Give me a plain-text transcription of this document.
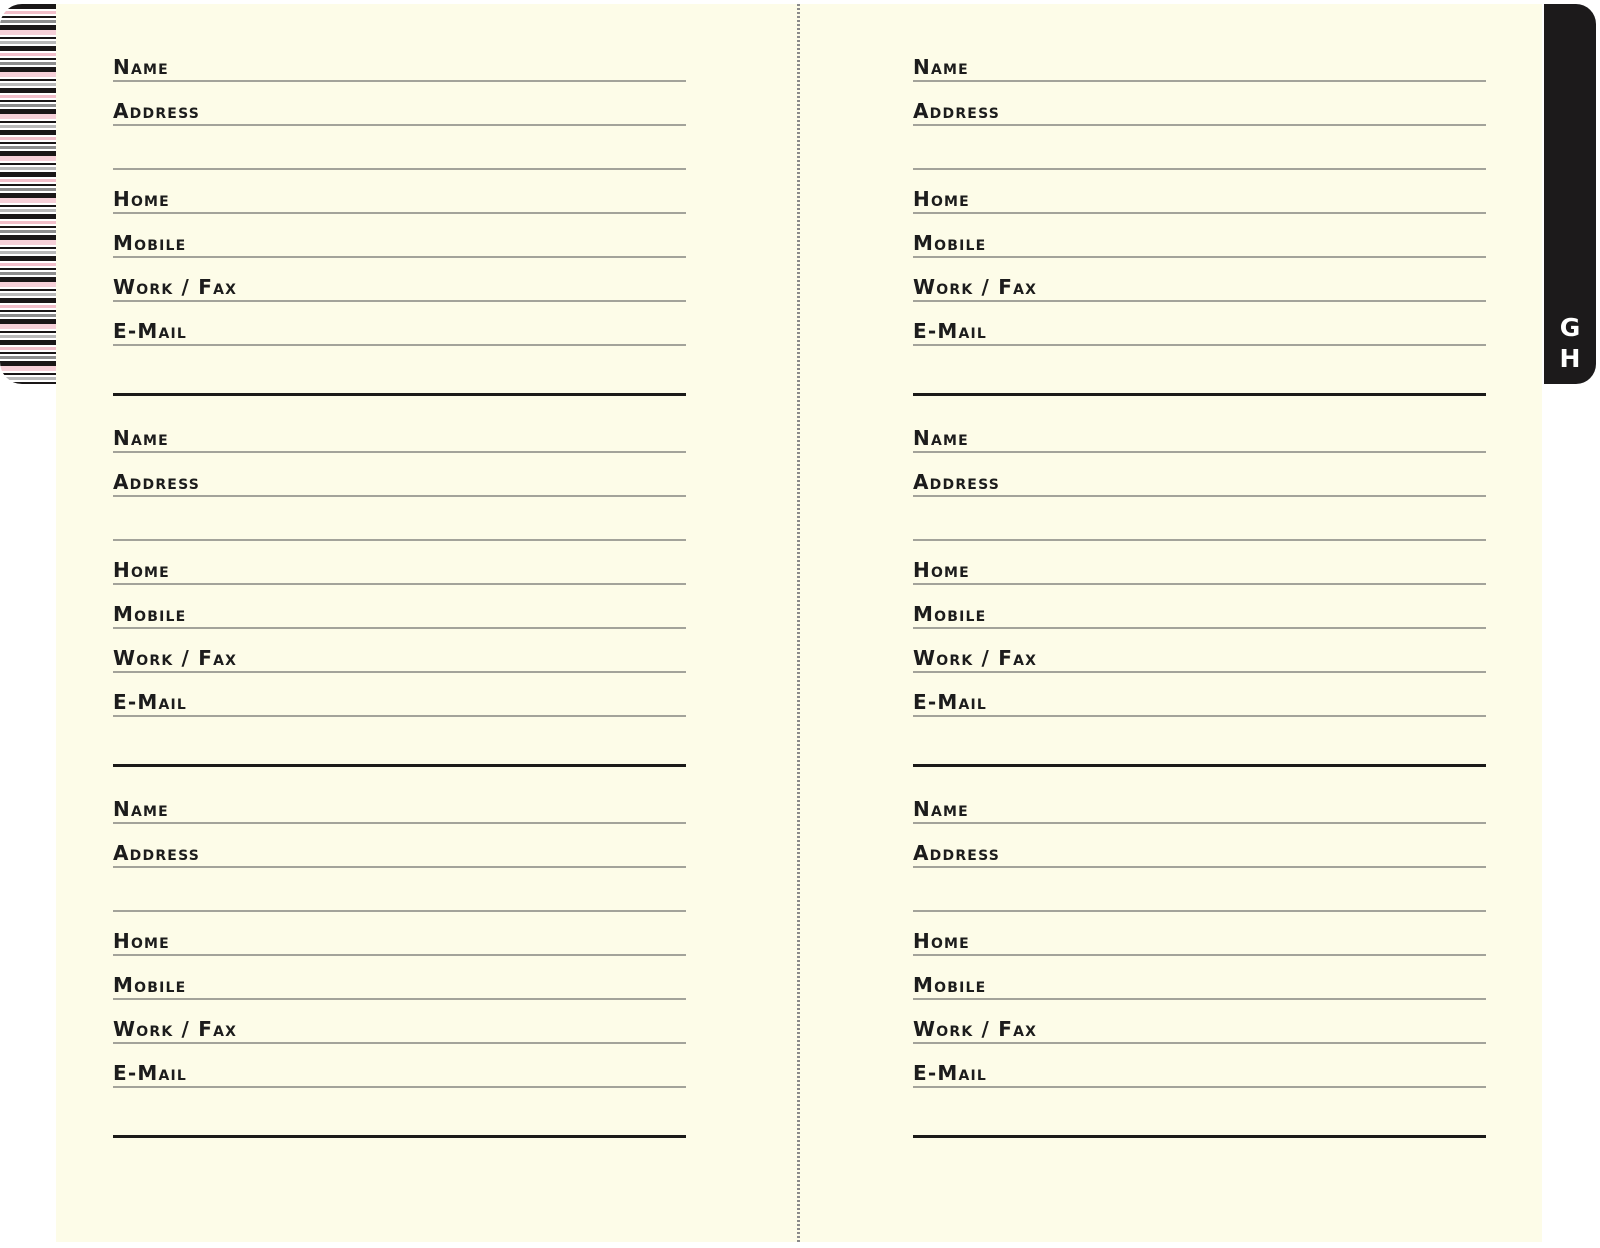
G
H
Name
Address
Home
Mobile
Work / Fax
E-Mail
Name
Address
Home
Mobile
Work / Fax
E-Mail
Name
Address
Home
Mobile
Work / Fax
E-Mail
Name
Address
Home
Mobile
Work / Fax
E-Mail
Name
Address
Home
Mobile
Work / Fax
E-Mail
Name
Address
Home
Mobile
Work / Fax
E-Mail
